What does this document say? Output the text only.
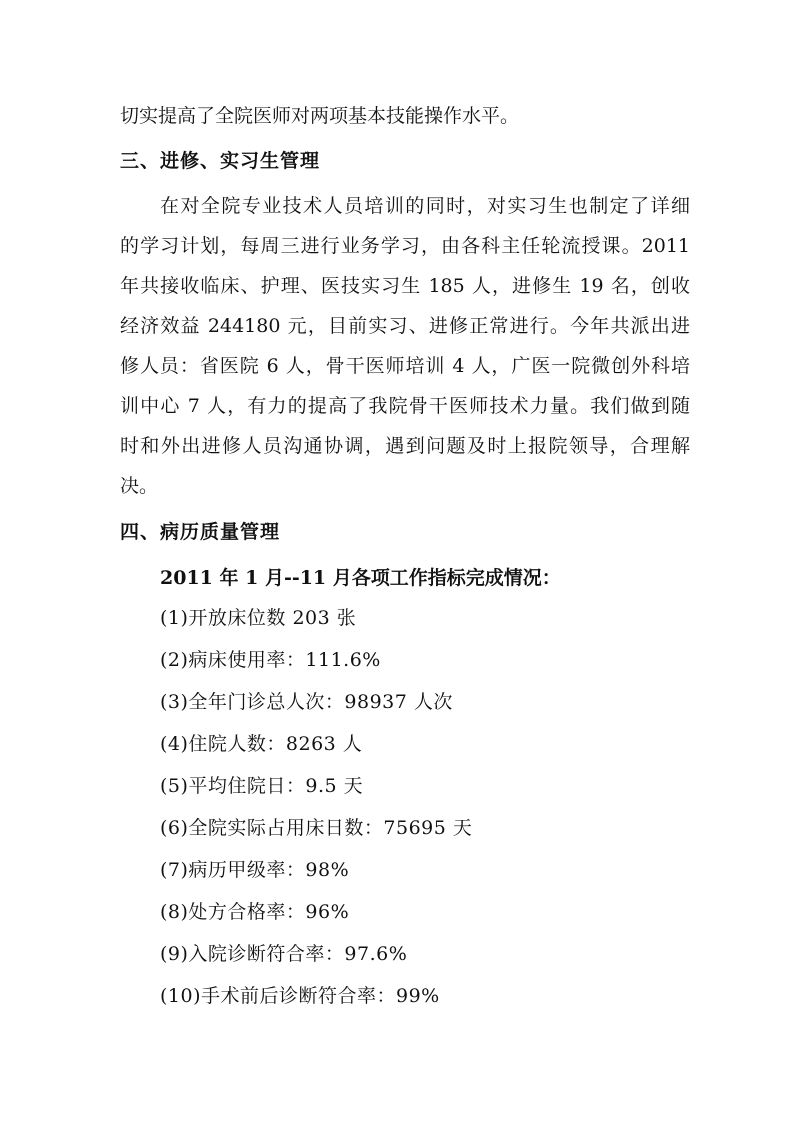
切实提高了全院医师对两项基本技能操作水平。
三、进修、实习生管理
在对全院专业技术人员培训的同时，对实习生也制定了详细
的学习计划，每周三进行业务学习，由各科主任轮流授课。2011
年共接收临床、护理、医技实习生 185 人，进修生 19 名，创收
经济效益 244180 元，目前实习、进修正常进行。今年共派出进
修人员：省医院 6 人，骨干医师培训 4 人，广医一院微创外科培
训中心 7 人，有力的提高了我院骨干医师技术力量。我们做到随
时和外出进修人员沟通协调，遇到问题及时上报院领导，合理解
决。
四、病历质量管理
2011 年 1 月--11 月各项工作指标完成情况：
(1)开放床位数 203 张
(2)病床使用率：111.6%
(3)全年门诊总人次：98937 人次
(4)住院人数：8263 人
(5)平均住院日：9.5 天
(6)全院实际占用床日数：75695 天
(7)病历甲级率：98%
(8)处方合格率：96%
(9)入院诊断符合率：97.6%
(10)手术前后诊断符合率：99%
